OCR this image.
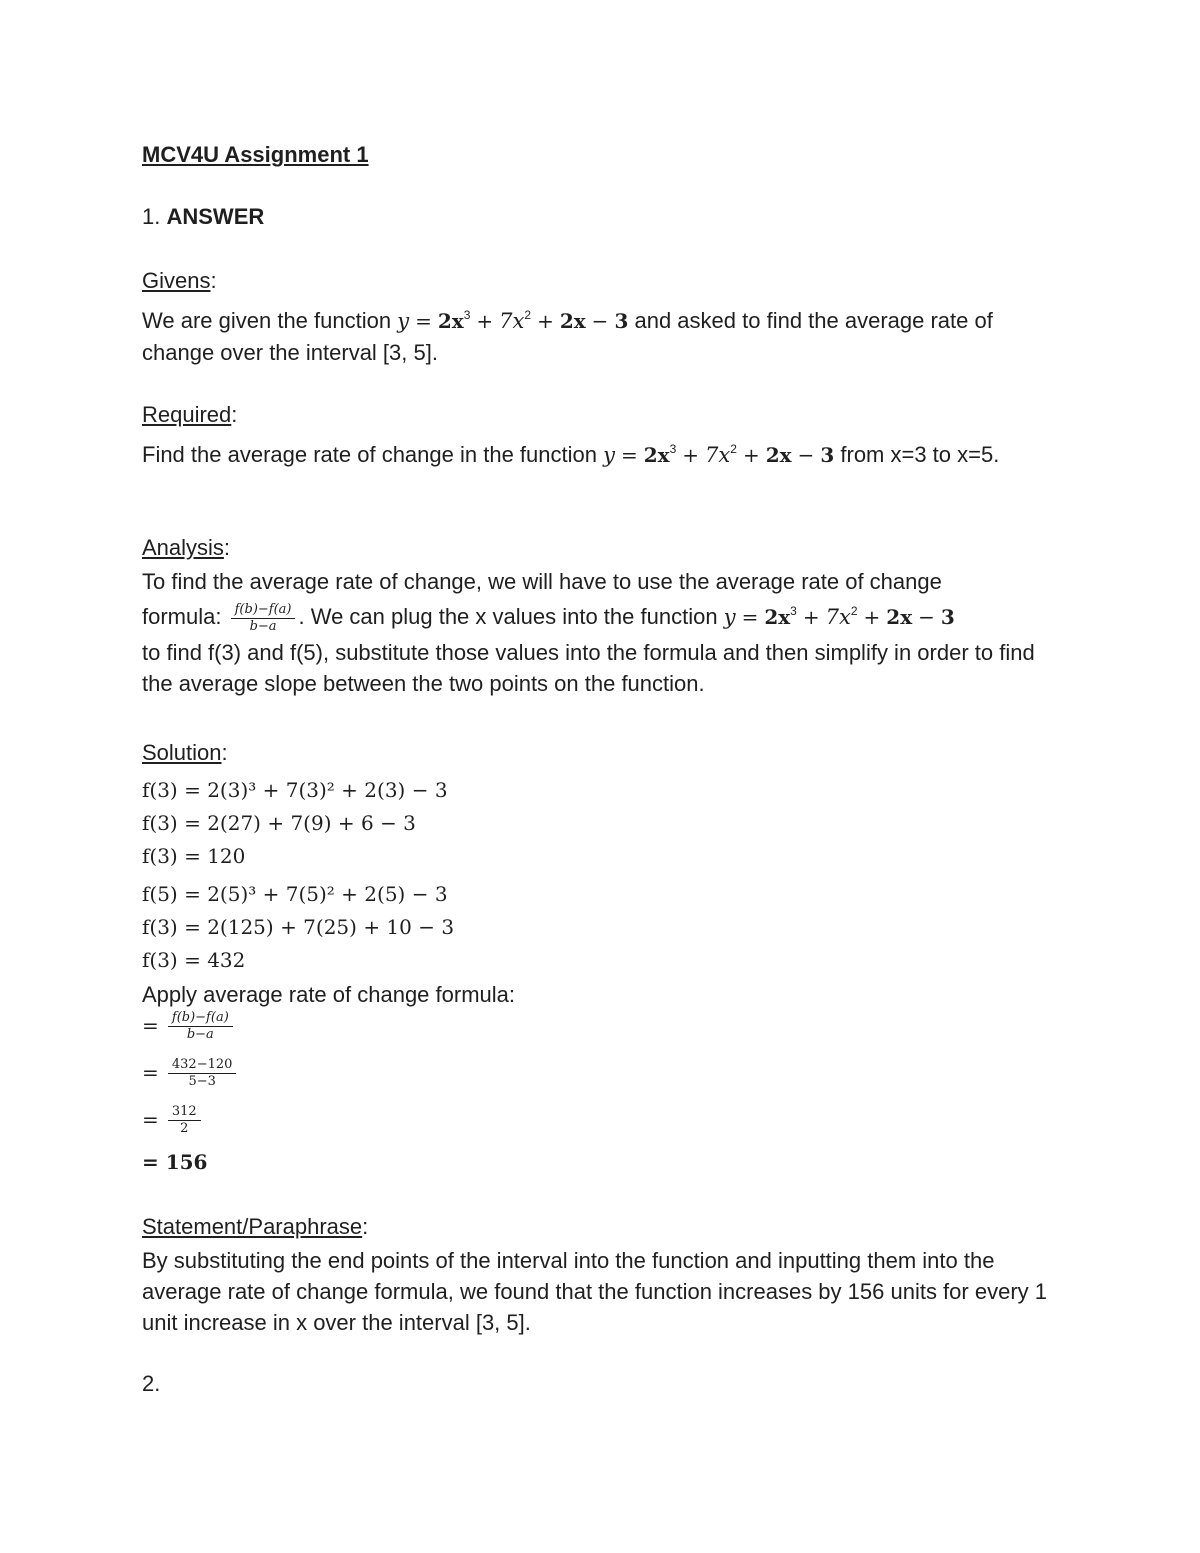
MCV4U Assignment 1
1. ANSWER
Givens:
We are given the function $y = 2x^3 + 7x^2 + 2x - 3$ and asked to find the average rate of change over the interval [3, 5].
Required:
Find the average rate of change in the function $y = 2x^3 + 7x^2 + 2x - 3$ from x=3 to x=5.
Analysis:
To find the average rate of change, we will have to use the average rate of change
formula: $\frac{f(b)-f(a)}{b-a}$ . We can plug the x values into the function $y = 2x^3 + 7x^2 + 2x - 3$
to find f(3) and f(5), substitute those values into the formula and then simplify in order to find the average slope between the two points on the function.
Solution:
f(3) = 2(3)³ + 7(3)² + 2(3) − 3
f(3) = 2(27) + 7(9) + 6 − 3
f(3) = 120
f(5) = 2(5)³ + 7(5)² + 2(5) − 3
f(3) = 2(125) + 7(25) + 10 − 3
f(3) = 432
Apply average rate of change formula:
= $\frac{f(b)-f(a)}{b-a}$
= $\frac{432-120}{5-3}$
= $\frac{312}{2}$
= 156
Statement/Paraphrase:
By substituting the end points of the interval into the function and inputting them into the average rate of change formula, we found that the function increases by 156 units for every 1 unit increase in x over the interval [3, 5].
2.
